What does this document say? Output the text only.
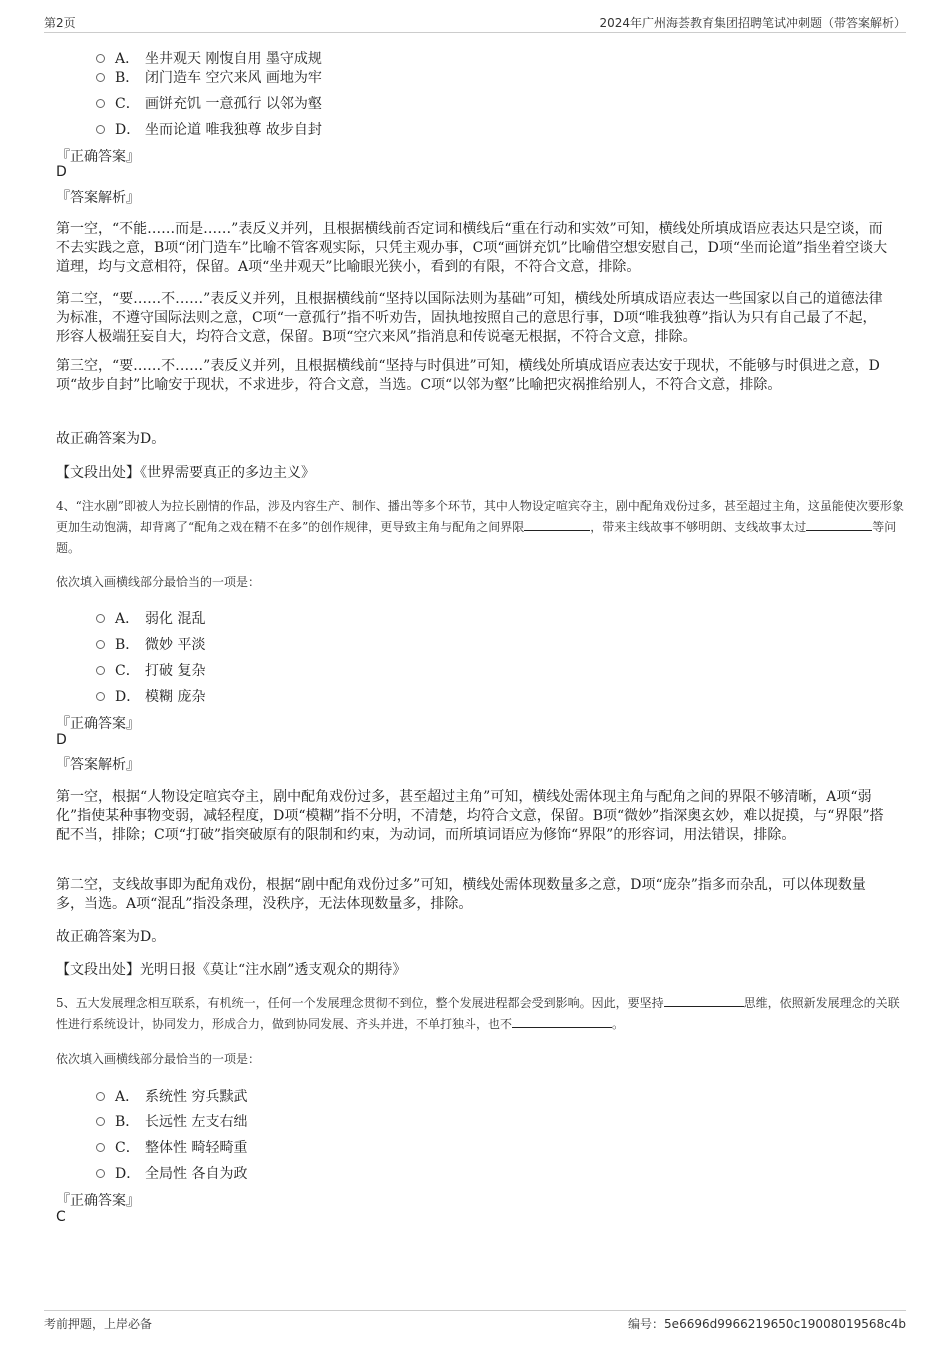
第2页	2024年广州海荟教育集团招聘笔试冲刺题（带答案解析）
A． 坐井观天 刚愎自用 墨守成规
B． 闭门造车 空穴来风 画地为牢
C． 画饼充饥 一意孤行 以邻为壑
D． 坐而论道 唯我独尊 故步自封
『正确答案』
D
『答案解析』
第一空，“不能……而是……”表反义并列，且根据横线前否定词和横线后“重在行动和实效”可知，横线处所填成语应表达只是空谈，而不去实践之意，B项“闭门造车”比喻不管客观实际，只凭主观办事，C项“画饼充饥”比喻借空想安慰自己，D项“坐而论道”指坐着空谈大道理，均与文意相符，保留。A项“坐井观天”比喻眼光狭小，看到的有限，不符合文意，排除。
第二空，“要……不……”表反义并列，且根据横线前“坚持以国际法则为基础”可知，横线处所填成语应表达一些国家以自己的道德法律为标准，不遵守国际法则之意，C项“一意孤行”指不听劝告，固执地按照自己的意思行事，D项“唯我独尊”指认为只有自己最了不起，形容人极端狂妄自大，均符合文意，保留。B项“空穴来风”指消息和传说毫无根据，不符合文意，排除。
第三空，“要……不……”表反义并列，且根据横线前“坚持与时俱进”可知，横线处所填成语应表达安于现状，不能够与时俱进之意，D项“故步自封”比喻安于现状，不求进步，符合文意，当选。C项“以邻为壑”比喻把灾祸推给别人，不符合文意，排除。
故正确答案为D。
【文段出处】《世界需要真正的多边主义》
4、“注水剧”即被人为拉长剧情的作品，涉及内容生产、制作、播出等多个环节，其中人物设定喧宾夺主，剧中配角戏份过多，甚至超过主角，这虽能使次要形象更加生动饱满，却背离了“配角之戏在精不在多”的创作规律，更导致主角与配角之间界限	，带来主线故事不够明朗、支线故事太过	等问题。
依次填入画横线部分最恰当的一项是：
A． 弱化 混乱
B． 微妙 平淡
C． 打破 复杂
D． 模糊 庞杂
『正确答案』
D
『答案解析』
第一空，根据“人物设定喧宾夺主，剧中配角戏份过多，甚至超过主角”可知，横线处需体现主角与配角之间的界限不够清晰，A项“弱化”指使某种事物变弱，减轻程度，D项“模糊”指不分明，不清楚，均符合文意，保留。B项“微妙”指深奥玄妙，难以捉摸，与“界限”搭配不当，排除；C项“打破”指突破原有的限制和约束，为动词，而所填词语应为修饰“界限”的形容词，用法错误，排除。
第二空，支线故事即为配角戏份，根据“剧中配角戏份过多”可知，横线处需体现数量多之意，D项“庞杂”指多而杂乱，可以体现数量多，当选。A项“混乱”指没条理，没秩序，无法体现数量多，排除。
故正确答案为D。
【文段出处】光明日报《莫让“注水剧”透支观众的期待》
5、五大发展理念相互联系，有机统一，任何一个发展理念贯彻不到位，整个发展进程都会受到影响。因此，要坚持	思维，依照新发展理念的关联性进行系统设计，协同发力，形成合力，做到协同发展、齐头并进，不单打独斗，也不	。
依次填入画横线部分最恰当的一项是：
A． 系统性 穷兵黩武
B． 长远性 左支右绌
C． 整体性 畸轻畸重
D． 全局性 各自为政
『正确答案』
C
考前押题，上岸必备	编号：5e6696d9966219650c19008019568c4b
